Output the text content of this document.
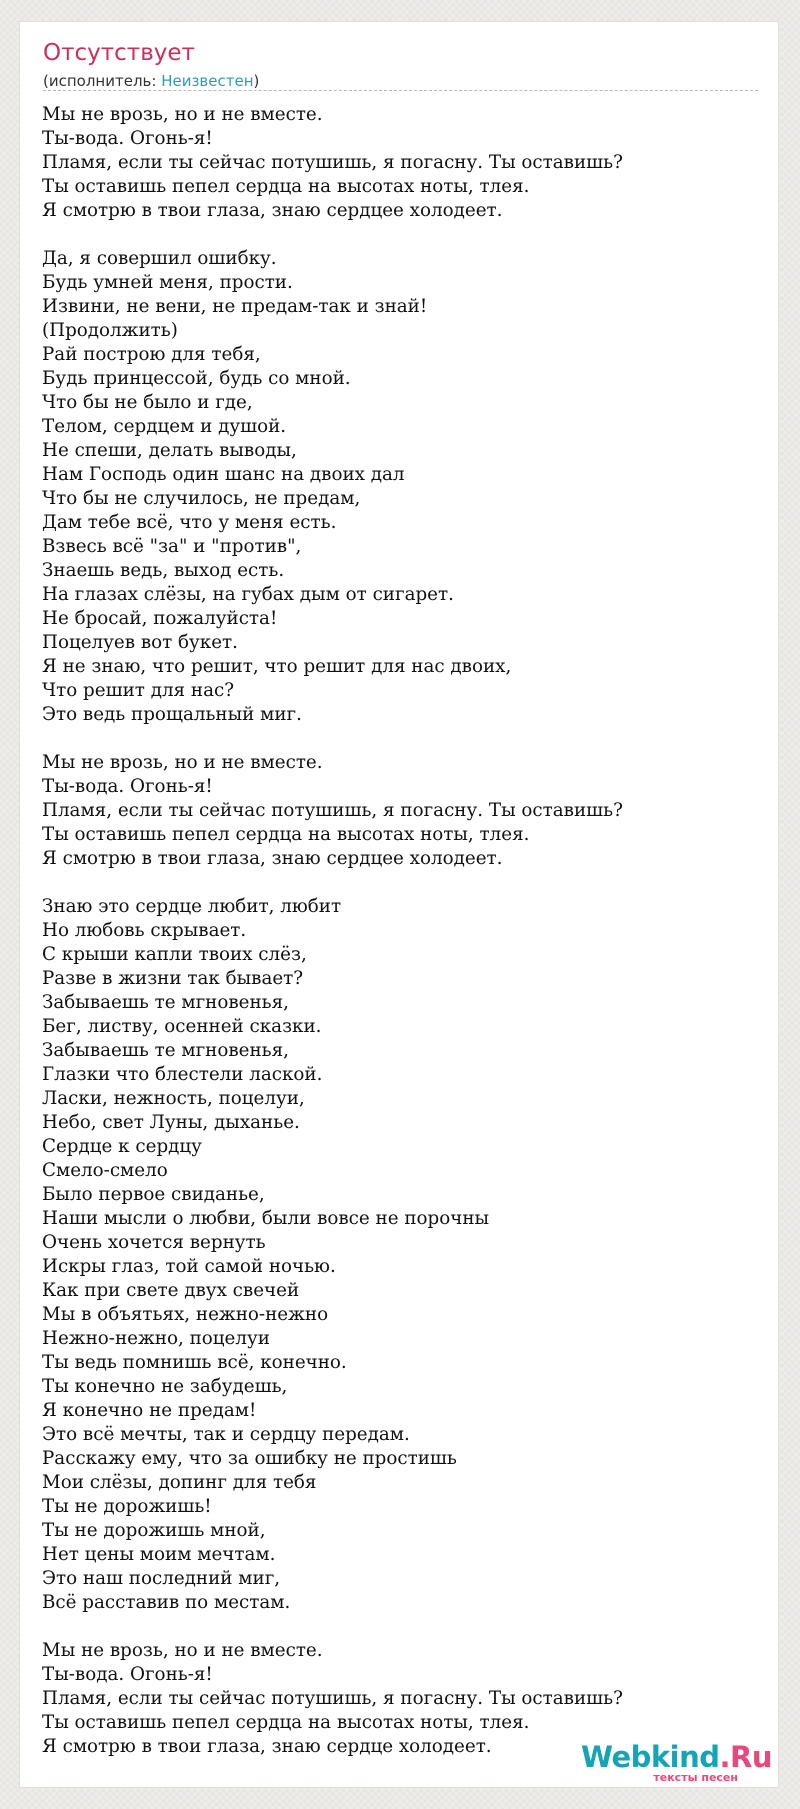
Отсутствует
(исполнитель: Неизвестен)
Мы не врозь, но и не вместе.
Ты-вода. Огонь-я!
Пламя, если ты сейчас потушишь, я погасну. Ты оставишь?
Ты оставишь пепел сердца на высотах ноты, тлея.
Я смотрю в твои глаза, знаю сердцее холодеет.
Да, я совершил ошибку.
Будь умней меня, прости.
Извини, не вени, не предам-так и знай!
(Продолжить)
Рай построю для тебя,
Будь принцессой, будь со мной.
Что бы не было и где,
Телом, сердцем и душой.
Не спеши, делать выводы,
Нам Господь один шанс на двоих дал
Что бы не случилось, не предам,
Дам тебе всё, что у меня есть.
Взвесь всё "за" и "против",
Знаешь ведь, выход есть.
На глазах слёзы, на губах дым от сигарет.
Не бросай, пожалуйста!
Поцелуев вот букет.
Я не знаю, что решит, что решит для нас двоих,
Что решит для нас?
Это ведь прощальный миг.
Мы не врозь, но и не вместе.
Ты-вода. Огонь-я!
Пламя, если ты сейчас потушишь, я погасну. Ты оставишь?
Ты оставишь пепел сердца на высотах ноты, тлея.
Я смотрю в твои глаза, знаю сердцее холодеет.
Знаю это сердце любит, любит
Но любовь скрывает.
С крыши капли твоих слёз,
Разве в жизни так бывает?
Забываешь те мгновенья,
Бег, листву, осенней сказки.
Забываешь те мгновенья,
Глазки что блестели лаской.
Ласки, нежность, поцелуи,
Небо, свет Луны, дыханье.
Сердце к сердцу
Смело-смело
Было первое свиданье,
Наши мысли о любви, были вовсе не порочны
Очень хочется вернуть
Искры глаз, той самой ночью.
Как при свете двух свечей
Мы в объятьях, нежно-нежно
Нежно-нежно, поцелуи
Ты ведь помнишь всё, конечно.
Ты конечно не забудешь,
Я конечно не предам!
Это всё мечты, так и сердцу передам.
Расскажу ему, что за ошибку не простишь
Мои слёзы, допинг для тебя
Ты не дорожишь!
Ты не дорожишь мной,
Нет цены моим мечтам.
Это наш последний миг,
Всё расставив по местам.
Мы не врозь, но и не вместе.
Ты-вода. Огонь-я!
Пламя, если ты сейчас потушишь, я погасну. Ты оставишь?
Ты оставишь пепел сердца на высотах ноты, тлея.
Я смотрю в твои глаза, знаю сердце холодеет.	Webkind.Ru
тексты песен
